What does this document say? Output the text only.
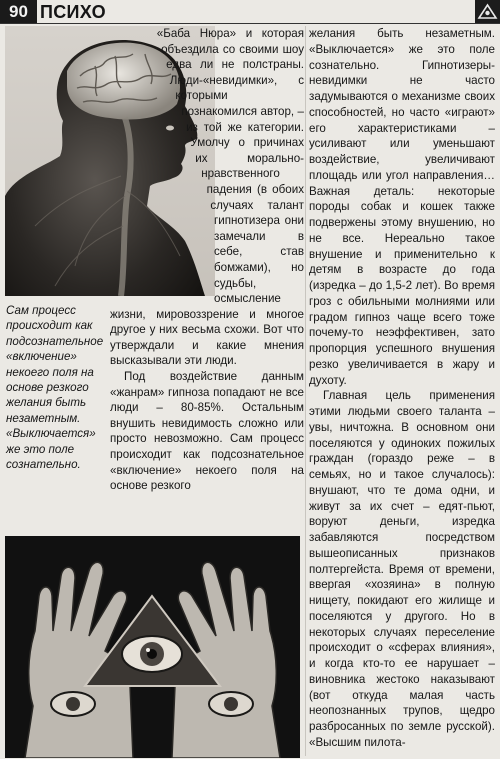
90 ПСИХО
Сам процесс происходит как подсознательное «включение» некоего поля на основе резкого желания быть незаметным. «Выключается» же это поле сознательно.

«Баба Нюра» и которая объездила со своими шоу едва ли не полстраны. Люди-«невидимки», с которыми познакомился автор, – из той же категории. Умолчу о причинах их морально-нравственного падения (в обоих случаях талант гипнотизера они замечали в себе, став бомжами), но судьбы, осмысление жизни, мировоззрение и многое другое у них весьма схожи. Вот что утверждали и какие мнения высказывали эти люди.

Под воздействие данным «жанрам» гипноза попадают не все люди – 80-85%. Остальным внушить невидимость сложно или просто невозможно. Сам процесс происходит как подсознательное «включение» некоего поля на основе резкого

желания быть незаметным. «Выключается» же это поле сознательно. Гипнотизеры-невидимки не часто задумываются о механизме своих способностей, но часто «играют» его характеристиками – усиливают или уменьшают воздействие, увеличивают площадь или угол направления… Важная деталь: некоторые породы собак и кошек также подвержены этому внушению, но не все. Нереально такое внушение и применительно к детям в возрасте до года (изредка – до 1,5-2 лет). Во время гроз с обильными молниями или градом гипноз чаще всего тоже почему-то неэффективен, зато пропорция успешного внушения резко увеличивается в жару и духоту.

Главная цель применения этими людьми своего таланта – увы, ничтожна. В основном они поселяются у одиноких пожилых граждан (гораздо реже – в семьях, но и такое случалось): внушают, что те дома одни, и живут за их счет – едят-пьют, воруют деньги, изредка забавляются посредством вышеописанных признаков полтергейста. Время от времени, ввергая «хозяина» в полную нищету, покидают его жилище и поселяются у другого. Но в некоторых случаях переселение происходит о «сферах влияния», и когда кто-то ее нарушает – виновника жестоко наказывают (вот откуда малая часть неопознанных трупов, щедро разбросанных по земле русской). «Высшим пилота-
